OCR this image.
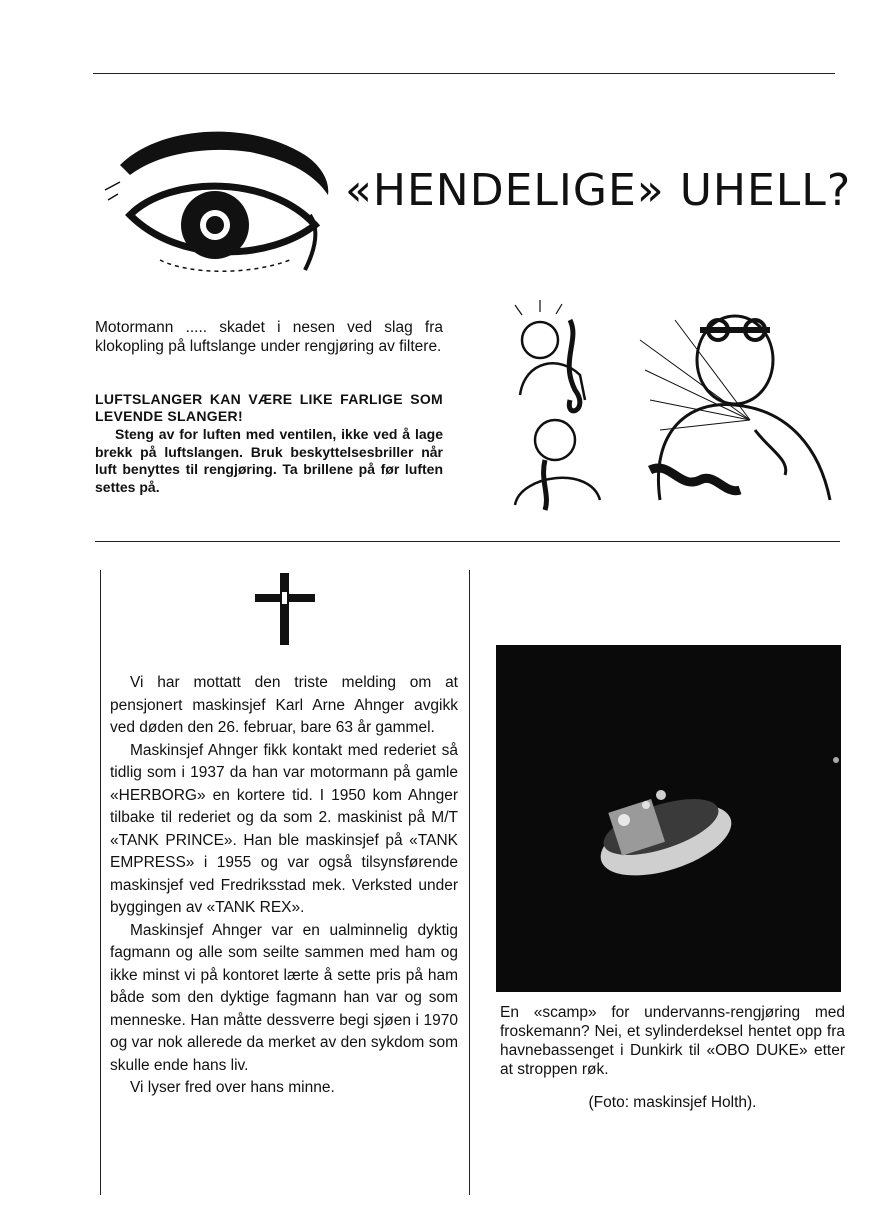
«HENDELIGE» UHELL?
Motormann ..... skadet i nesen ved slag fra klokopling på luftslange under rengjøring av filtere.
LUFTSLANGER KAN VÆRE LIKE FARLIGE SOM LEVENDE SLANGER!
Steng av for luften med ventilen, ikke ved å lage brekk på luftslangen. Bruk beskyttelsesbriller når luft benyttes til rengjøring. Ta brillene på før luften settes på.

Vi har mottatt den triste melding om at pensjonert maskinsjef Karl Arne Ahnger avgikk ved døden den 26. februar, bare 63 år gammel.

Maskinsjef Ahnger fikk kontakt med rederiet så tidlig som i 1937 da han var motormann på gamle «HERBORG» en kortere tid. I 1950 kom Ahnger tilbake til rederiet og da som 2. maskinist på M/T «TANK PRINCE». Han ble maskinsjef på «TANK EMPRESS» i 1955 og var også tilsynsførende maskinsjef ved Fredriksstad mek. Verksted under byggingen av «TANK REX».

Maskinsjef Ahnger var en ualminnelig dyktig fagmann og alle som seilte sammen med ham og ikke minst vi på kontoret lærte å sette pris på ham både som den dyktige fagmann han var og som menneske. Han måtte dessverre begi sjøen i 1970 og var nok allerede da merket av den sykdom som skulle ende hans liv.

Vi lyser fred over hans minne.

En «scamp» for undervanns-rengjøring med froskemann? Nei, et sylinderdeksel hentet opp fra havnebassenget i Dunkirk til «OBO DUKE» etter at stroppen røk.
(Foto: maskinsjef Holth).
